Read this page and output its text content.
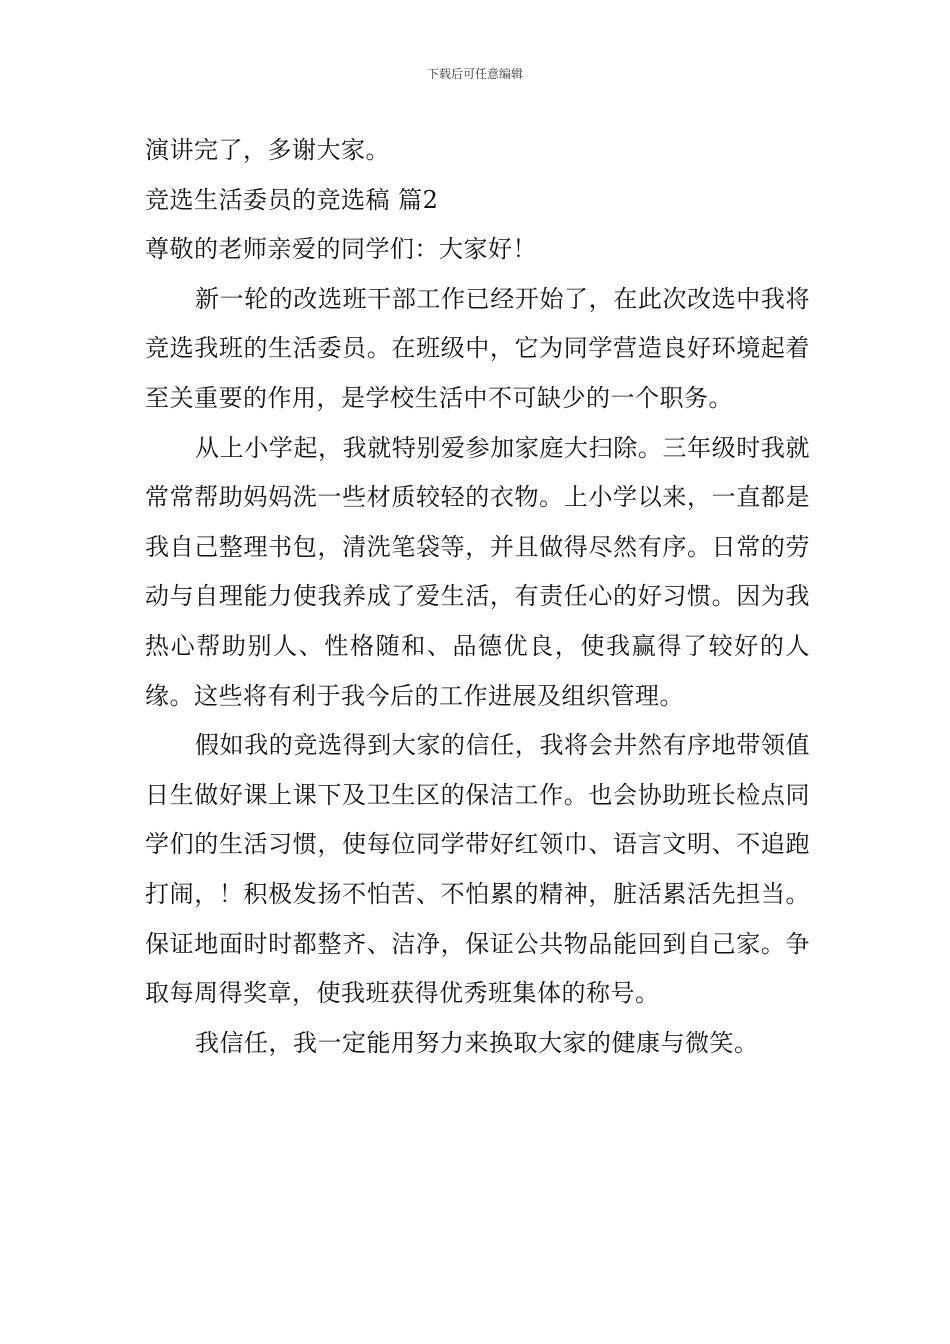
下载后可任意编辑
演讲完了，多谢大家。
竞选生活委员的竞选稿 篇2
尊敬的老师亲爱的同学们：大家好！

新一轮的改选班干部工作已经开始了，在此次改选中我将竞选我班的生活委员。在班级中，它为同学营造良好环境起着至关重要的作用，是学校生活中不可缺少的一个职务。

从上小学起，我就特别爱参加家庭大扫除。三年级时我就常常帮助妈妈洗一些材质较轻的衣物。上小学以来，一直都是我自己整理书包，清洗笔袋等，并且做得尽然有序。日常的劳动与自理能力使我养成了爱生活，有责任心的好习惯。因为我热心帮助别人、性格随和、品德优良，使我赢得了较好的人缘。这些将有利于我今后的工作进展及组织管理。

假如我的竞选得到大家的信任，我将会井然有序地带领值日生做好课上课下及卫生区的保洁工作。也会协助班长检点同学们的生活习惯，使每位同学带好红领巾、语言文明、不追跑打闹，！积极发扬不怕苦、不怕累的精神，脏活累活先担当。保证地面时时都整齐、洁净，保证公共物品能回到自己家。争取每周得奖章，使我班获得优秀班集体的称号。

我信任，我一定能用努力来换取大家的健康与微笑。
